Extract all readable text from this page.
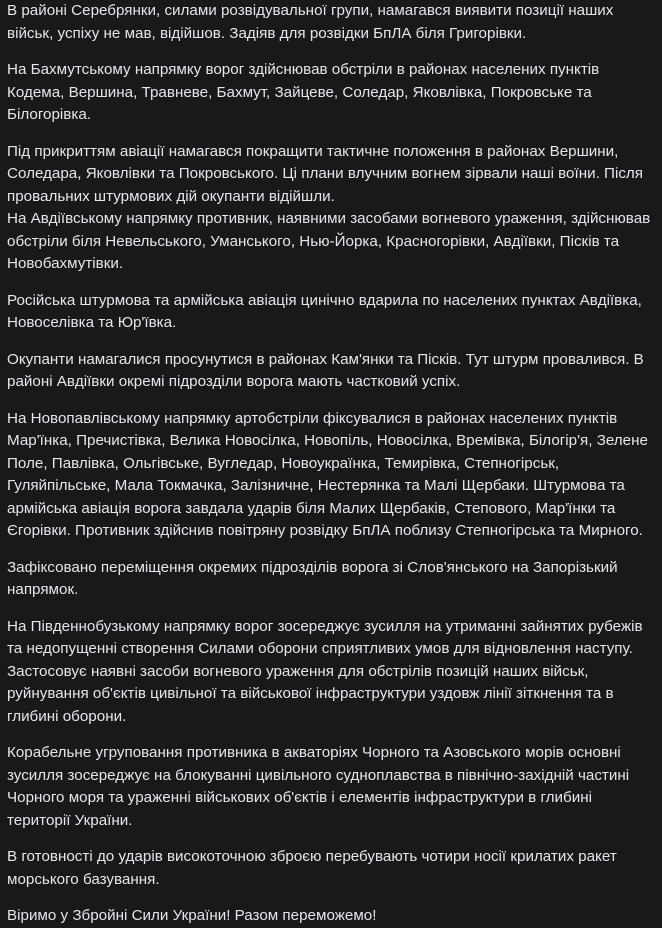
В районі Серебрянки, силами розвідувальної групи, намагався виявити позиції наших військ, успіху не мав, відійшов. Задіяв для розвідки БпЛА біля Григорівки.

На Бахмутському напрямку ворог здійснював обстріли в районах населених пунктів Кодема, Вершина, Травневе, Бахмут, Зайцеве, Соледар, Яковлівка, Покровське та Білогорівка.

Під прикриттям авіації намагався покращити тактичне положення в районах Вершини, Соледара, Яковлівки та Покровського. Ці плани влучним вогнем зірвали наші воїни. Після провальних штурмових дій окупанти відійшли.

На Авдіївському напрямку противник, наявними засобами вогневого ураження, здійснював обстріли біля Невельського, Уманського, Нью-Йорка, Красногорівки, Авдіївки, Пісків та Новобахмутівки.

Російська штурмова та армійська авіація цинічно вдарила по населених пунктах Авдіївка, Новоселівка та Юр'ївка.

Окупанти намагалися просунутися в районах Кам'янки та Пісків. Тут штурм провалився. В районі Авдіївки окремі підрозділи ворога мають частковий успіх.

На Новопавлівському напрямку артобстріли фіксувалися в районах населених пунктів Мар'їнка, Пречистівка, Велика Новосілка, Новопіль, Новосілка, Времівка, Білогір'я, Зелене Поле, Павлівка, Ольгівське, Вугледар, Новоукраїнка, Темирівка, Степногірськ, Гуляйпільське, Мала Токмачка, Залізничне, Нестерянка та Малі Щербаки. Штурмова та армійська авіація ворога завдала ударів біля Малих Щербаків, Степового, Мар'їнки та Єгорівки. Противник здійснив повітряну розвідку БпЛА поблизу Степногірська та Мирного.

Зафіксовано переміщення окремих підрозділів ворога зі Слов'янського на Запорізький напрямок.

На Південнобузькому напрямку ворог зосереджує зусилля на утриманні зайнятих рубежів та недопущенні створення Силами оборони сприятливих умов для відновлення наступу. Застосовує наявні засоби вогневого ураження для обстрілів позицій наших військ, руйнування об'єктів цивільної та військової інфраструктури уздовж лінії зіткнення та в глибині оборони.

Корабельне угруповання противника в акваторіях Чорного та Азовського морів основні зусилля зосереджує на блокуванні цивільного судноплавства в північно-західній частині Чорного моря та ураженні військових об'єктів і елементів інфраструктури в глибині території України.

В готовності до ударів високоточною зброєю перебувають чотири носії крилатих ракет морського базування.

Віримо у Збройні Сили України! Разом переможемо!
